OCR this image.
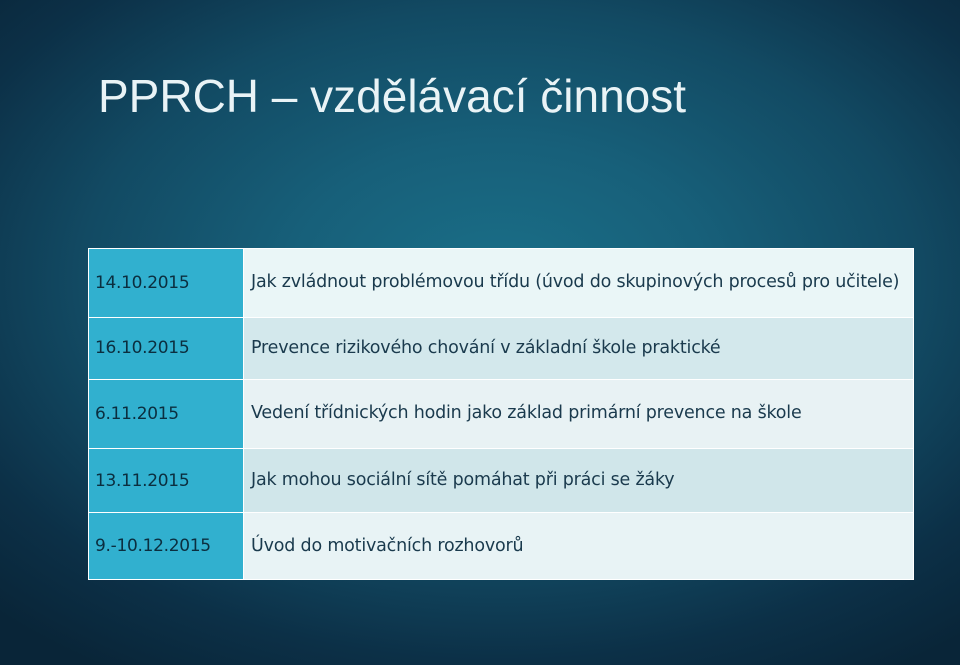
PPRCH – vzdělávací činnost
14.10.2015	Jak zvládnout problémovou třídu (úvod do skupinových procesů pro učitele)
16.10.2015	Prevence rizikového chování v základní škole praktické
6.11.2015	Vedení třídnických hodin jako základ primární prevence na škole
13.11.2015	Jak mohou sociální sítě pomáhat při práci se žáky
9.-10.12.2015	Úvod do motivačních rozhovorů
